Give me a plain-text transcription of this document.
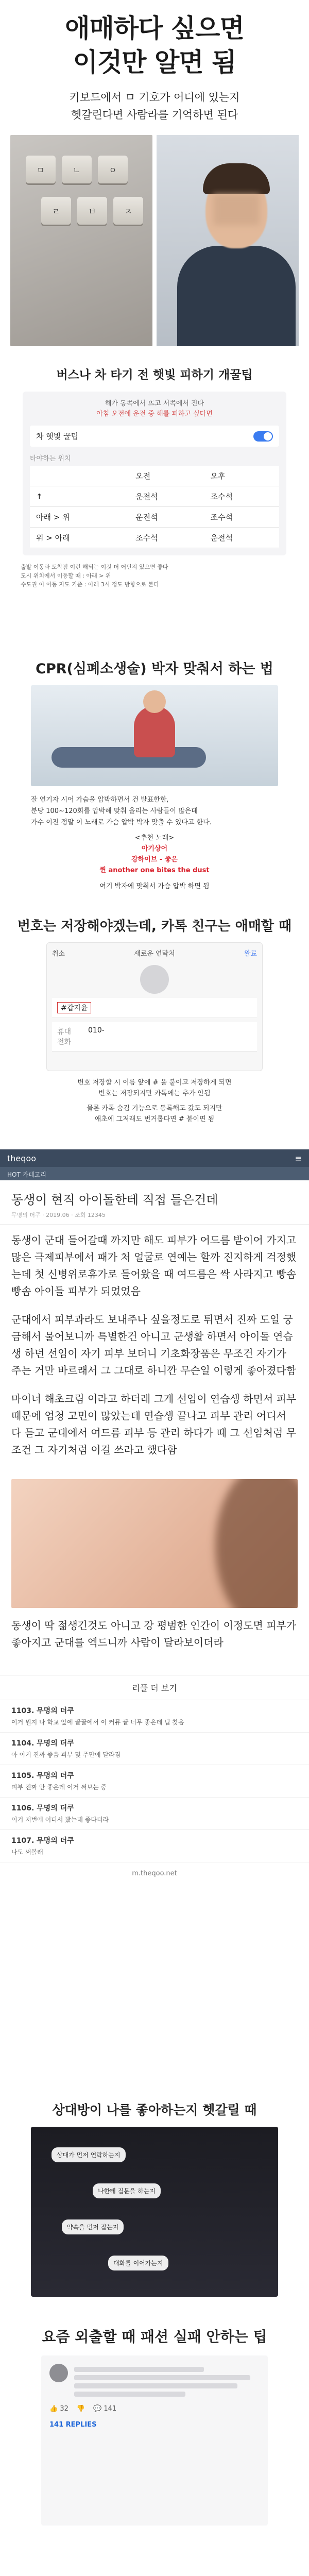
애매하다 싶으면
이것만 알면 됨
키보드에서 ㅁ 기호가 어디에 있는지
헷갈린다면 사람라를 기억하면 된다
ㅁ	ㄴ	ㅇ
ㄹ	ㅂ	ㅈ
버스나 차 타기 전 햇빛 피하기 개꿀팁
해가 동쪽에서 뜨고 서쪽에서 진다
아침 오전에 운전 중 해를 피하고 싶다면
차 햇빛 꿀팁
타야하는 위치
	오전	오후
↑	운전석	조수석
아래 > 위	운전석	조수석
위 > 아래	조수석	운전석
출발 이동과 도착점 이런 해되는 이것 더 어딘지 있으면 좋다
도시 위치에서 이동할 때 : 아래 > 위
수도권 이 이동 지도 기준 : 아래 3시 정도 방향으로 본다
CPR(심폐소생술) 박자 맞춰서 하는 법
잘 연기자 시어 가슴을 압박하면서 건 발표한한,
분당 100~120회를 압박해 맞춰 올리는 사람들이 많은데
가수 이전 정말 이 노래로 가슴 압박 박자 맞출 수 있다고 한다.
<추천 노래>
아기상어
강하이브 - 좋은
퀸 another one bites the dust
여기 박자에 맞춰서 가슴 압박 하면 됨
번호는 저장해야겠는데, 카톡 친구는 애매할 때
취소	새로운 연락처	완료
#갑지윤
휴대전화
010-
번호 저장할 시 이름 앞에 # 을 붙이고 저장하게 되면
번호는 저장되지만 카톡에는 추가 안됨
물론 카톡 숨김 기능으로 동록해도 갔도 되지만
애초에 그저래도 번거롭다면 # 붙이면 됨
theqoo	≡
HOT 카테고리
동생이 현직 아이돌한테 직접 들은건데
무명의 더쿠 · 2019.06 · 조회 12345

동생이 군대 들어갈때 까지만 해도 피부가 어드름 밭이어 가지고 많은 극제피부에서 패가 처 얼굴로 연예는 할까 진지하게 걱정했는데 첫 신병위로휴가로 들어왔을 때 여드름은 싹 사라지고 빵솜빵솜 아이들 피부가 되었었음

군대에서 피부과라도 보내주나 싶을정도로 튀면서 진짜 도일 궁금해서 물어보니까 특별한건 아니고 군생활 하면서 아이돌 연습생 하던 선임이 자기 피부 보더니 기초화장품은 무조건 자기가 주는 거만 바르래서 그 그대로 하니깐 무슨일 이렇게 좋아졌다함

마이너 해초크림 이라고 하더래 그게 선임이 연습생 하면서 피부 때문에 엄청 고민이 많았는데 연습생 끝나고 피부 관리 어디서 다 듣고 군대에서 여드름 피부 등 관리 하다가 때 그 선임처럼 무조건 그 자기처럼 이걸 쓰라고 했다함

동생이 딱 젊생긴것도 아니고 강 평범한 인간이 이정도면 피부가 좋아지고 군대를 엑드니까 사람이 달라보이더라

리플 더 보기
1103. 무명의 더쿠
이거 뭔지 나 학교 앞에 끝꿀에서 이 커뮤 끝 너무 좋은데 팁 찾음
1104. 무명의 더쿠
아 이거 진짜 좋음 피부 몇 주만에 달라짐
1105. 무명의 더쿠
피부 진짜 안 좋은데 이거 써보는 중
1106. 무명의 더쿠
이거 저번에 어디서 봤는데 좋다더라
1107. 무명의 더쿠
나도 써볼래
m.theqoo.net
상대방이 나를 좋아하는지 헷갈릴 때
상대가 먼저 연락하는지
나한테 질문을 하는지
약속을 먼저 잡는지
대화를 이어가는지
요즘 외출할 때 패션 실패 안하는 팁
👍 32 👎 💬 141
141 REPLIES
